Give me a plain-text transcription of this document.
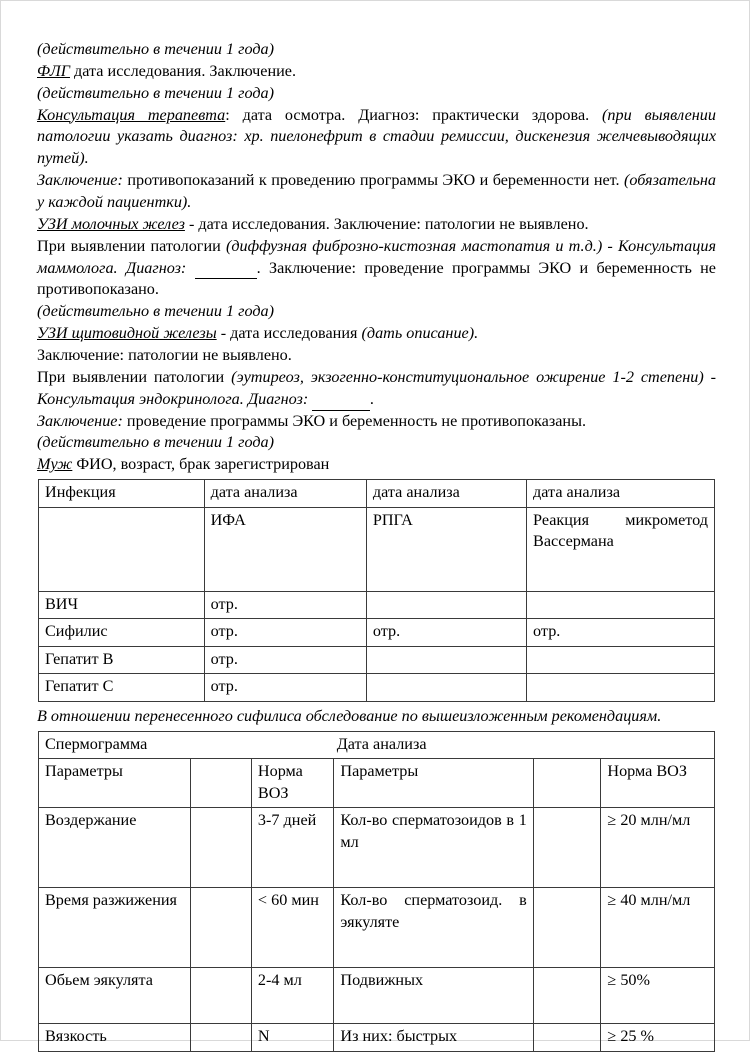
(действительно в течении 1 года)

ФЛГ дата исследования. Заключение.

(действительно в течении 1 года)

Консультация терапевта: дата осмотра. Диагноз: практически здорова. (при выявлении патологии указать диагноз: хр. пиелонефрит в стадии ремиссии, дискенезия желчевыводящих путей).

Заключение: противопоказаний к проведению программы ЭКО и беременности нет. (обязательна у каждой пациентки).

УЗИ молочных желез - дата исследования. Заключение: патологии не выявлено.

При выявлении патологии (диффузная фиброзно-кистозная мастопатия и т.д.) - Консультация маммолога. Диагноз:	. Заключение: проведение программы ЭКО и беременность не противопоказано.

(действительно в течении 1 года)

УЗИ щитовидной железы - дата исследования (дать описание).

Заключение: патологии не выявлено.

При выявлении патологии (эутиреоз, экзогенно-конституциональное ожирение 1-2 степени) - Консультация эндокринолога. Диагноз:	.

Заключение: проведение программы ЭКО и беременность не противопоказаны.

(действительно в течении 1 года)

Муж ФИО, возраст, брак зарегистрирован

Инфекция	дата анализа	дата анализа	дата анализа
	ИФА	РПГА	Реакция микрометод Вассермана
ВИЧ	отр.		
Сифилис	отр.	отр.	отр.
Гепатит В	отр.		
Гепатит С	отр.		

В отношении перенесенного сифилиса обследование по вышеизложенным рекомендациям.

Спермограмма Дата анализа					

Параметры		Норма ВОЗ	Параметры		Норма ВОЗ
Воздержание		3-7 дней	Кол-во сперматозоидов в 1 мл		≥ 20 млн/мл
Время разжижения		< 60 мин	Кол-во сперматозоид. в эякуляте		≥ 40 млн/мл
Обьем эякулята		2-4 мл	Подвижных		≥ 50%
Вязкость		N	Из них: быстрых		≥ 25 %
